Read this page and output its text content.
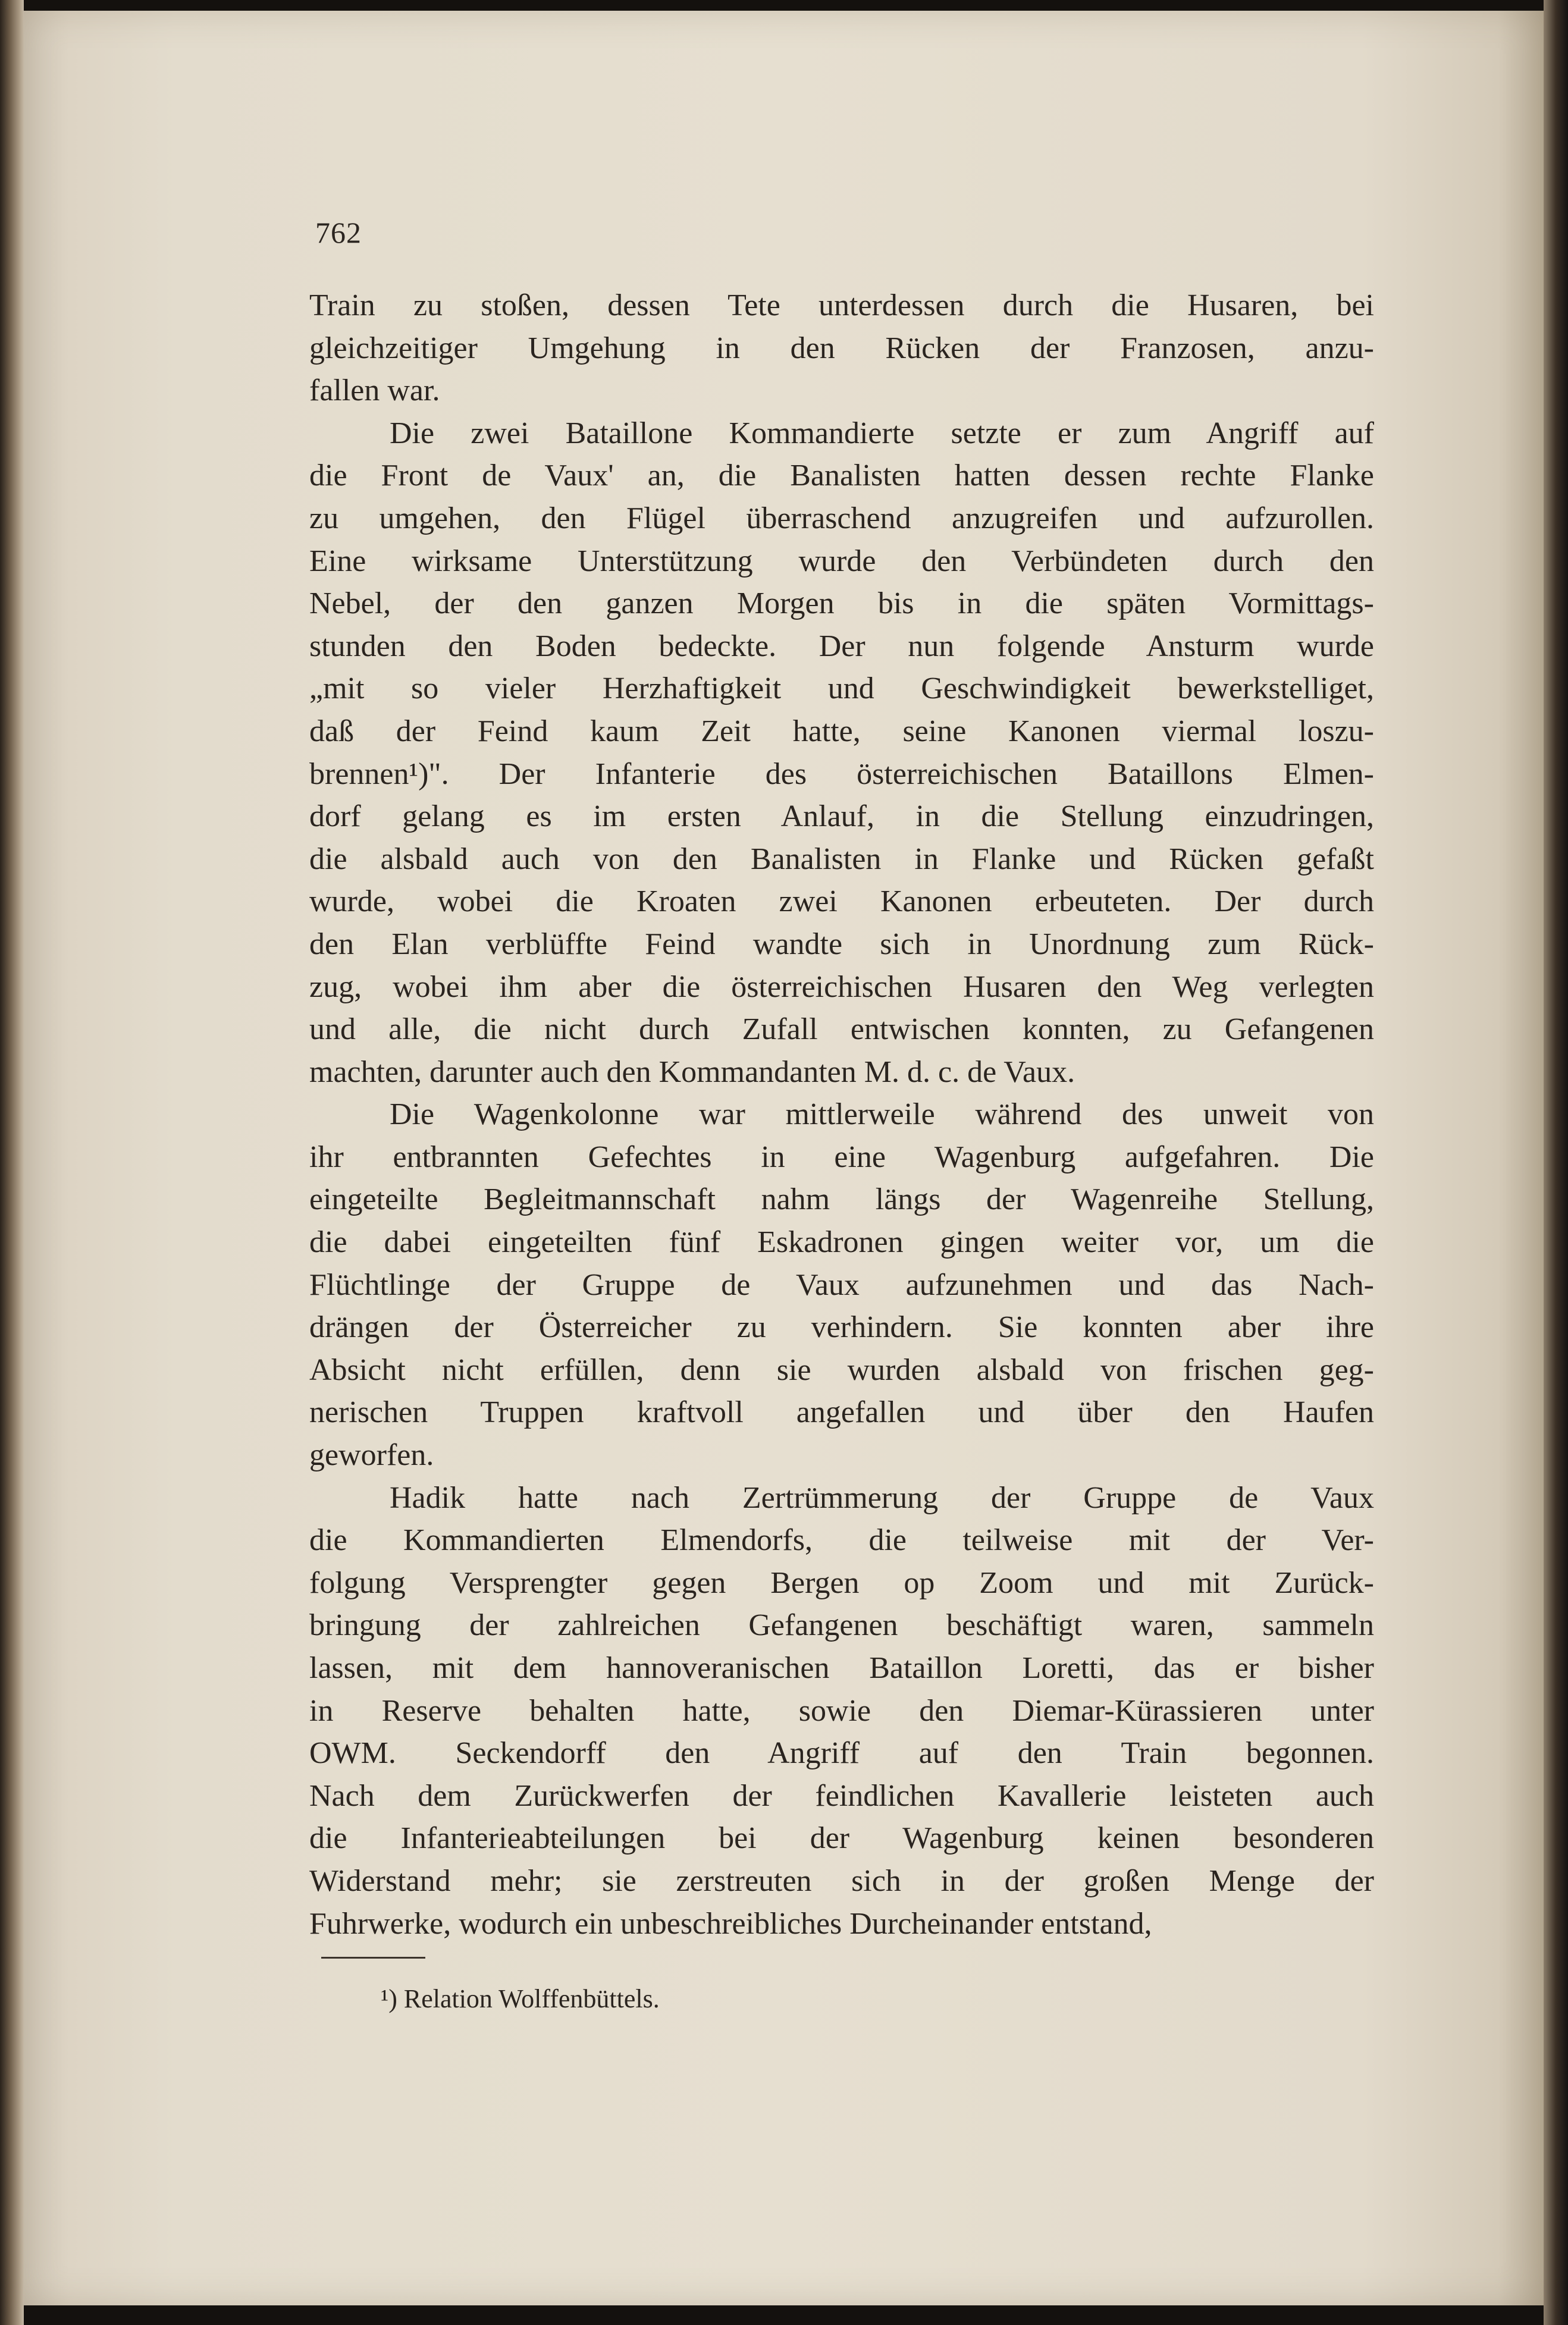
762

Train zu stoßen, dessen Tete unterdessen durch die Husaren, bei

gleichzeitiger Umgehung in den Rücken der Franzosen, anzu-

fallen war.

Die zwei Bataillone Kommandierte setzte er zum Angriff auf

die Front de Vaux' an, die Banalisten hatten dessen rechte Flanke

zu umgehen, den Flügel überraschend anzugreifen und aufzurollen.

Eine wirksame Unterstützung wurde den Verbündeten durch den

Nebel, der den ganzen Morgen bis in die späten Vormittags-

stunden den Boden bedeckte. Der nun folgende Ansturm wurde

„mit so vieler Herzhaftigkeit und Geschwindigkeit bewerkstelliget,

daß der Feind kaum Zeit hatte, seine Kanonen viermal loszu-

brennen¹)". Der Infanterie des österreichischen Bataillons Elmen-

dorf gelang es im ersten Anlauf, in die Stellung einzudringen,

die alsbald auch von den Banalisten in Flanke und Rücken gefaßt

wurde, wobei die Kroaten zwei Kanonen erbeuteten. Der durch

den Elan verblüffte Feind wandte sich in Unordnung zum Rück-

zug, wobei ihm aber die österreichischen Husaren den Weg verlegten

und alle, die nicht durch Zufall entwischen konnten, zu Gefangenen

machten, darunter auch den Kommandanten M. d. c. de Vaux.

Die Wagenkolonne war mittlerweile während des unweit von

ihr entbrannten Gefechtes in eine Wagenburg aufgefahren. Die

eingeteilte Begleitmannschaft nahm längs der Wagenreihe Stellung,

die dabei eingeteilten fünf Eskadronen gingen weiter vor, um die

Flüchtlinge der Gruppe de Vaux aufzunehmen und das Nach-

drängen der Österreicher zu verhindern. Sie konnten aber ihre

Absicht nicht erfüllen, denn sie wurden alsbald von frischen geg-

nerischen Truppen kraftvoll angefallen und über den Haufen

geworfen.

Hadik hatte nach Zertrümmerung der Gruppe de Vaux

die Kommandierten Elmendorfs, die teilweise mit der Ver-

folgung Versprengter gegen Bergen op Zoom und mit Zurück-

bringung der zahlreichen Gefangenen beschäftigt waren, sammeln

lassen, mit dem hannoveranischen Bataillon Loretti, das er bisher

in Reserve behalten hatte, sowie den Diemar-Kürassieren unter

OWM. Seckendorff den Angriff auf den Train begonnen.

Nach dem Zurückwerfen der feindlichen Kavallerie leisteten auch

die Infanterieabteilungen bei der Wagenburg keinen besonderen

Widerstand mehr; sie zerstreuten sich in der großen Menge der

Fuhrwerke, wodurch ein unbeschreibliches Durcheinander entstand,

¹) Relation Wolffenbüttels.
